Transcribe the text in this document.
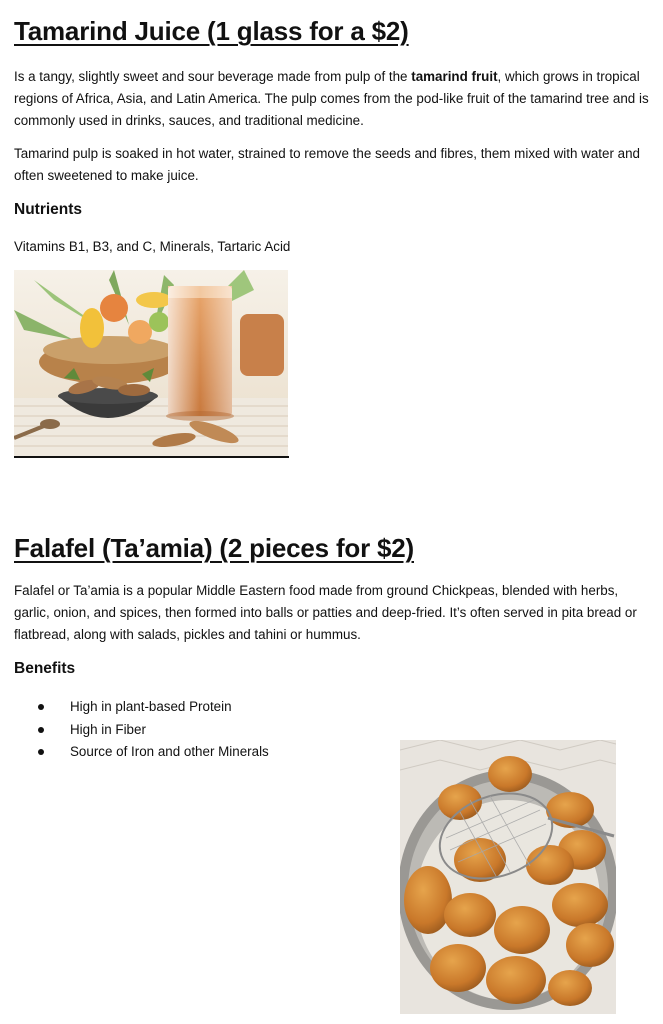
Tamarind Juice (1 glass for a $2)

Is a tangy, slightly sweet and sour beverage made from pulp of the tamarind fruit, which grows in tropical regions of Africa, Asia, and Latin America. The pulp comes from the pod-like fruit of the tamarind tree and is commonly used in drinks, sauces, and traditional medicine.

Tamarind pulp is soaked in hot water, strained to remove the seeds and fibres, them mixed with water and often sweetened to make juice.

Nutrients

Vitamins B1, B3, and C, Minerals, Tartaric Acid

Falafel (Ta’amia) (2 pieces for $2)

Falafel or Ta’amia is a popular Middle Eastern food made from ground Chickpeas, blended with herbs, garlic, onion, and spices, then formed into balls or patties and deep-fried. It’s often served in pita bread or flatbread, along with salads, pickles and tahini or hummus.

Benefits
High in plant-based Protein
High in Fiber
Source of Iron and other Minerals
